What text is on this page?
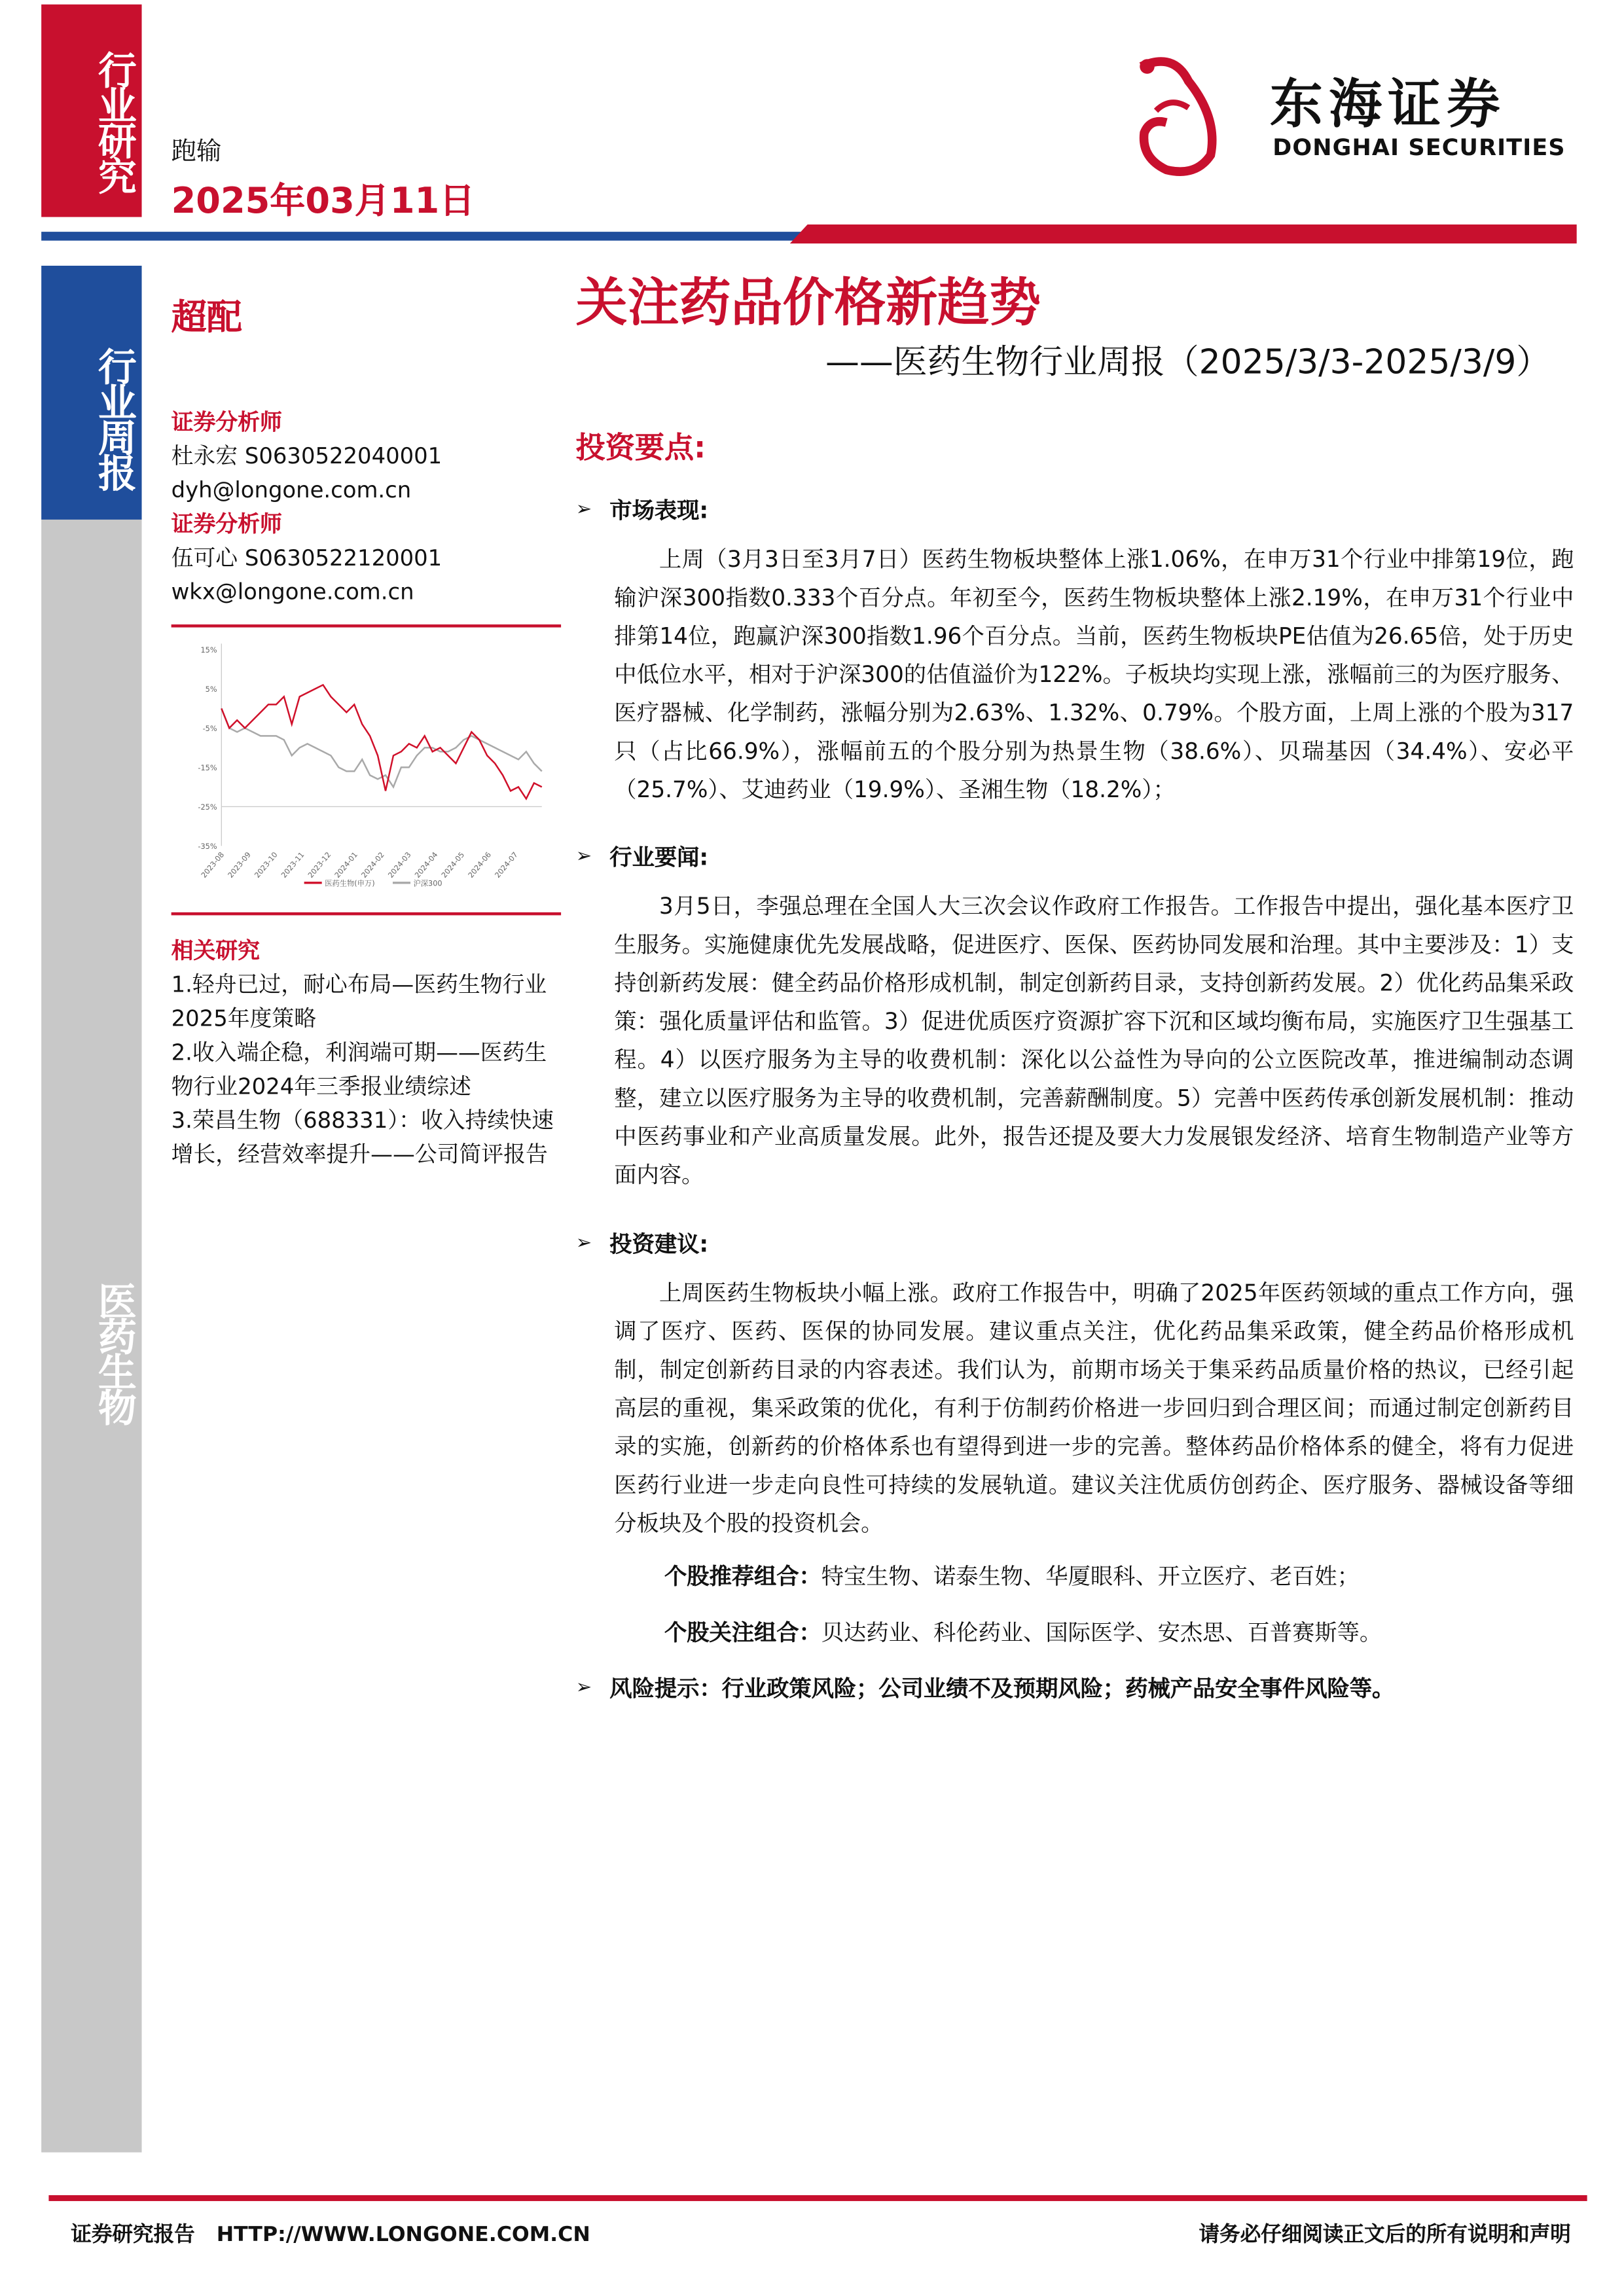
行业研究	跑输
2025年03月11日
东海证券
DONGHAI SECURITIES
行业周报
医药生物
超配
证券分析师
杜永宏 S0630522040001
dyh@longone.com.cn
证券分析师
伍可心 S0630522120001
wkx@longone.com.cn
15%
5%
-5%
-15%
-25%
-35%
2023-08 2023-09 2023-10 2023-11 2023-12 2024-01 2024-02 2024-03 2024-04 2024-05 2024-06 2024-07
医药生物(申万)	沪深300
相关研究
1.轻舟已过，耐心布局—医药生物行业2025年度策略
2.收入端企稳，利润端可期——医药生物行业2024年三季报业绩综述
3.荣昌生物（688331）：收入持续快速增长，经营效率提升——公司简评报告
关注药品价格新趋势
——医药生物行业周报（2025/3/3-2025/3/9）
投资要点:
➢ 市场表现:
上周（3月3日至3月7日）医药生物板块整体上涨1.06%，在申万31个行业中排第19位，跑输沪深300指数0.333个百分点。年初至今，医药生物板块整体上涨2.19%，在申万31个行业中排第14位，跑赢沪深300指数1.96个百分点。当前，医药生物板块PE估值为26.65倍，处于历史中低位水平，相对于沪深300的估值溢价为122%。子板块均实现上涨，涨幅前三的为医疗服务、医疗器械、化学制药，涨幅分别为2.63%、1.32%、0.79%。个股方面，上周上涨的个股为317只（占比66.9%），涨幅前五的个股分别为热景生物（38.6%）、贝瑞基因（34.4%）、安必平（25.7%）、艾迪药业（19.9%）、圣湘生物（18.2%）；
➢ 行业要闻:
3月5日，李强总理在全国人大三次会议作政府工作报告。工作报告中提出，强化基本医疗卫生服务。实施健康优先发展战略，促进医疗、医保、医药协同发展和治理。其中主要涉及：1）支持创新药发展：健全药品价格形成机制，制定创新药目录，支持创新药发展。2）优化药品集采政策：强化质量评估和监管。3）促进优质医疗资源扩容下沉和区域均衡布局，实施医疗卫生强基工程。4）以医疗服务为主导的收费机制：深化以公益性为导向的公立医院改革，推进编制动态调整，建立以医疗服务为主导的收费机制，完善薪酬制度。5）完善中医药传承创新发展机制：推动中医药事业和产业高质量发展。此外，报告还提及要大力发展银发经济、培育生物制造产业等方面内容。
➢ 投资建议:
上周医药生物板块小幅上涨。政府工作报告中，明确了2025年医药领域的重点工作方向，强调了医疗、医药、医保的协同发展。建议重点关注，优化药品集采政策，健全药品价格形成机制，制定创新药目录的内容表述。我们认为，前期市场关于集采药品质量价格的热议，已经引起高层的重视，集采政策的优化，有利于仿制药价格进一步回归到合理区间；而通过制定创新药目录的实施，创新药的价格体系也有望得到进一步的完善。整体药品价格体系的健全，将有力促进医药行业进一步走向良性可持续的发展轨道。建议关注优质仿创药企、医疗服务、器械设备等细分板块及个股的投资机会。
个股推荐组合：特宝生物、诺泰生物、华厦眼科、开立医疗、老百姓；
个股关注组合：贝达药业、科伦药业、国际医学、安杰思、百普赛斯等。
➢ 风险提示：行业政策风险；公司业绩不及预期风险；药械产品安全事件风险等。
证券研究报告 HTTP://WWW.LONGONE.COM.CN	请务必仔细阅读正文后的所有说明和声明
